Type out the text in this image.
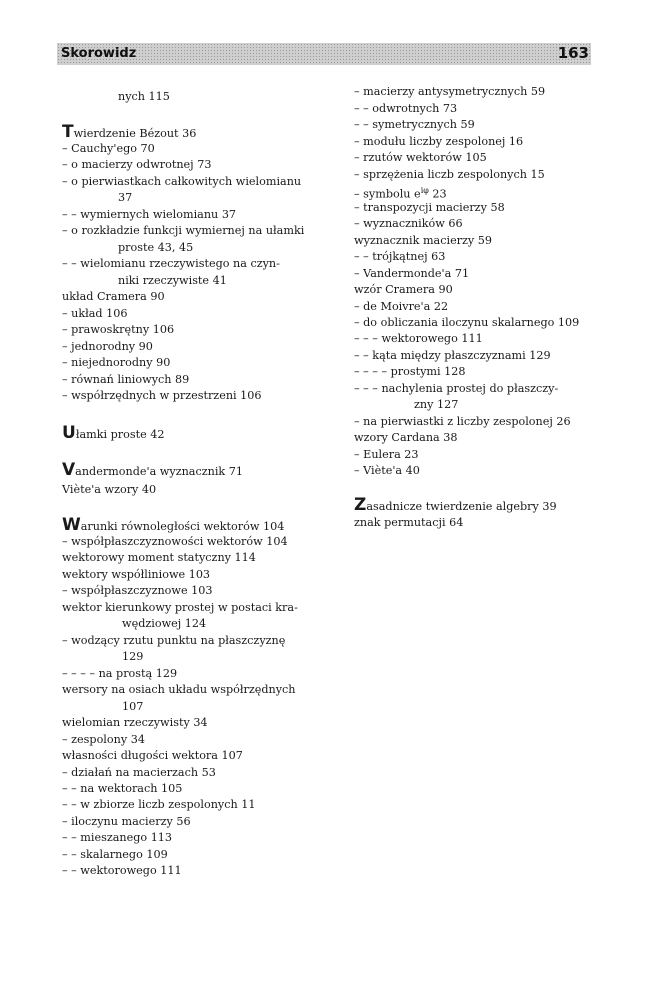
Skorowidz	163
nych 115
Twierdzenie Bézout 36
– Cauchy'ego 70
– o macierzy odwrotnej 73
– o pierwiastkach całkowitych wielomianu
37
– – wymiernych wielomianu 37
– o rozkładzie funkcji wymiernej na ułamki
proste 43, 45
– – wielomianu rzeczywistego na czyn-
niki rzeczywiste 41
układ Cramera 90
– układ 106
– prawoskrętny 106
– jednorodny 90
– niejednorodny 90
– równań liniowych 89
– współrzędnych w przestrzeni 106
Ułamki proste 42
Vandermonde'a wyznacznik 71
Viète'a wzory 40
Warunki równoległości wektorów 104
– współpłaszczyznowości wektorów 104
wektorowy moment statyczny 114
wektory współliniowe 103
– współpłaszczyznowe 103
wektor kierunkowy prostej w postaci kra-
wędziowej 124
– wodzący rzutu punktu na płaszczyznę
129
– – – – na prostą 129
wersory na osiach układu współrzędnych
107
wielomian rzeczywisty 34
– zespolony 34
własności długości wektora 107
– działań na macierzach 53
– – na wektorach 105
– – w zbiorze liczb zespolonych 11
– iloczynu macierzy 56
– – mieszanego 113
– – skalarnego 109
– – wektorowego 111
– macierzy antysymetrycznych 59
– – odwrotnych 73
– – symetrycznych 59
– modułu liczby zespolonej 16
– rzutów wektorów 105
– sprzężenia liczb zespolonych 15
– symbolu $e^{i\varphi}$ 23
– transpozycji macierzy 58
– wyznaczników 66
wyznacznik macierzy 59
– – trójkątnej 63
– Vandermonde'a 71
wzór Cramera 90
– de Moivre'a 22
– do obliczania iloczynu skalarnego 109
– – – wektorowego 111
– – kąta między płaszczyznami 129
– – – – prostymi 128
– – – nachylenia prostej do płaszczy-
zny 127
– na pierwiastki z liczby zespolonej 26
wzory Cardana 38
– Eulera 23
– Viète'a 40
Zasadnicze twierdzenie algebry 39
znak permutacji 64
